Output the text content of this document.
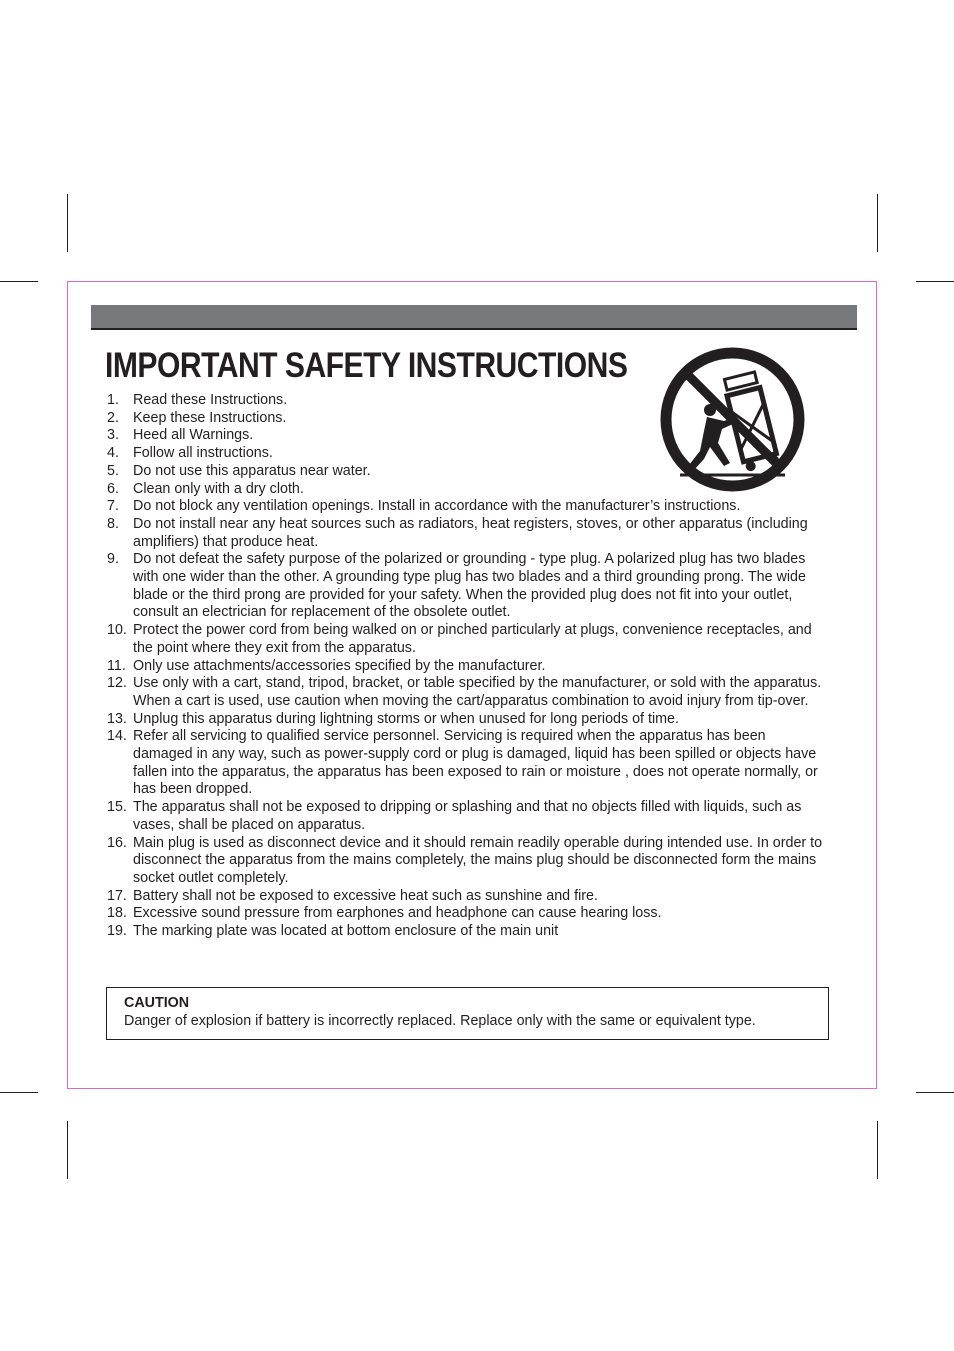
IMPORTANT SAFETY INSTRUCTIONS
1. Read these Instructions.
2. Keep these Instructions.
3. Heed all Warnings.
4. Follow all instructions.
5. Do not use this apparatus near water.
6. Clean only with a dry cloth.
7. Do not block any ventilation openings. Install in accordance with the manufacturer’s instructions.
8. Do not install near any heat sources such as radiators, heat registers, stoves, or other apparatus (including amplifiers) that produce heat.
9. Do not defeat the safety purpose of the polarized or grounding - type plug. A polarized plug has two blades with one wider than the other. A grounding type plug has two blades and a third grounding prong. The wide blade or the third prong are provided for your safety. When the provided plug does not fit into your outlet, consult an electrician for replacement of the obsolete outlet.
10. Protect the power cord from being walked on or pinched particularly at plugs, convenience receptacles, and the point where they exit from the apparatus.
11. Only use attachments/accessories specified by the manufacturer.
12. Use only with a cart, stand, tripod, bracket, or table specified by the manufacturer, or sold with the apparatus. When a cart is used, use caution when moving the cart/apparatus combination to avoid injury from tip-over.
13. Unplug this apparatus during lightning storms or when unused for long periods of time.
14. Refer all servicing to qualified service personnel. Servicing is required when the apparatus has been damaged in any way, such as power-supply cord or plug is damaged, liquid has been spilled or objects have fallen into the apparatus, the apparatus has been exposed to rain or moisture , does not operate normally, or has been dropped.
15. The apparatus shall not be exposed to dripping or splashing and that no objects filled with liquids, such as vases, shall be placed on apparatus.
16. Main plug is used as disconnect device and it should remain readily operable during intended use. In order to disconnect the apparatus from the mains completely, the mains plug should be disconnected form the mains socket outlet completely.
17. Battery shall not be exposed to excessive heat such as sunshine and fire.
18. Excessive sound pressure from earphones and headphone can cause hearing loss.
19. The marking plate was located at bottom enclosure of the main unit
CAUTION
Danger of explosion if battery is incorrectly replaced. Replace only with the same or equivalent type.
